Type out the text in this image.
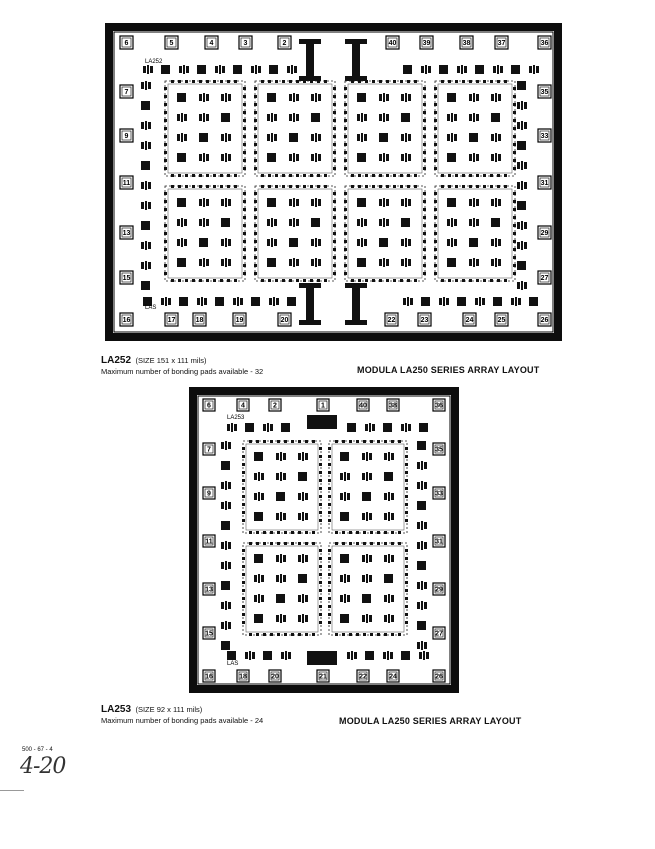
6	5	4	3	2	40	39	38	37	36
16	17	18	19	20	22	23	24	25	26
7
9
11
13
15
35
33
31
29
27
LA252
LAS
LA252 (SIZE 151 x 111 mils)
Maximum number of bonding pads available - 32	MODULA LA250 SERIES ARRAY LAYOUT
6	4	2	1	40	38	36
16	18	20	21	22	24	26
7
9
11
13
15
35
33
31
29
27
LA253
LAS
LA253 (SIZE 92 x 111 mils)
Maximum number of bonding pads available - 24	MODULA LA250 SERIES ARRAY LAYOUT
500 - 67 - 4
4-20
